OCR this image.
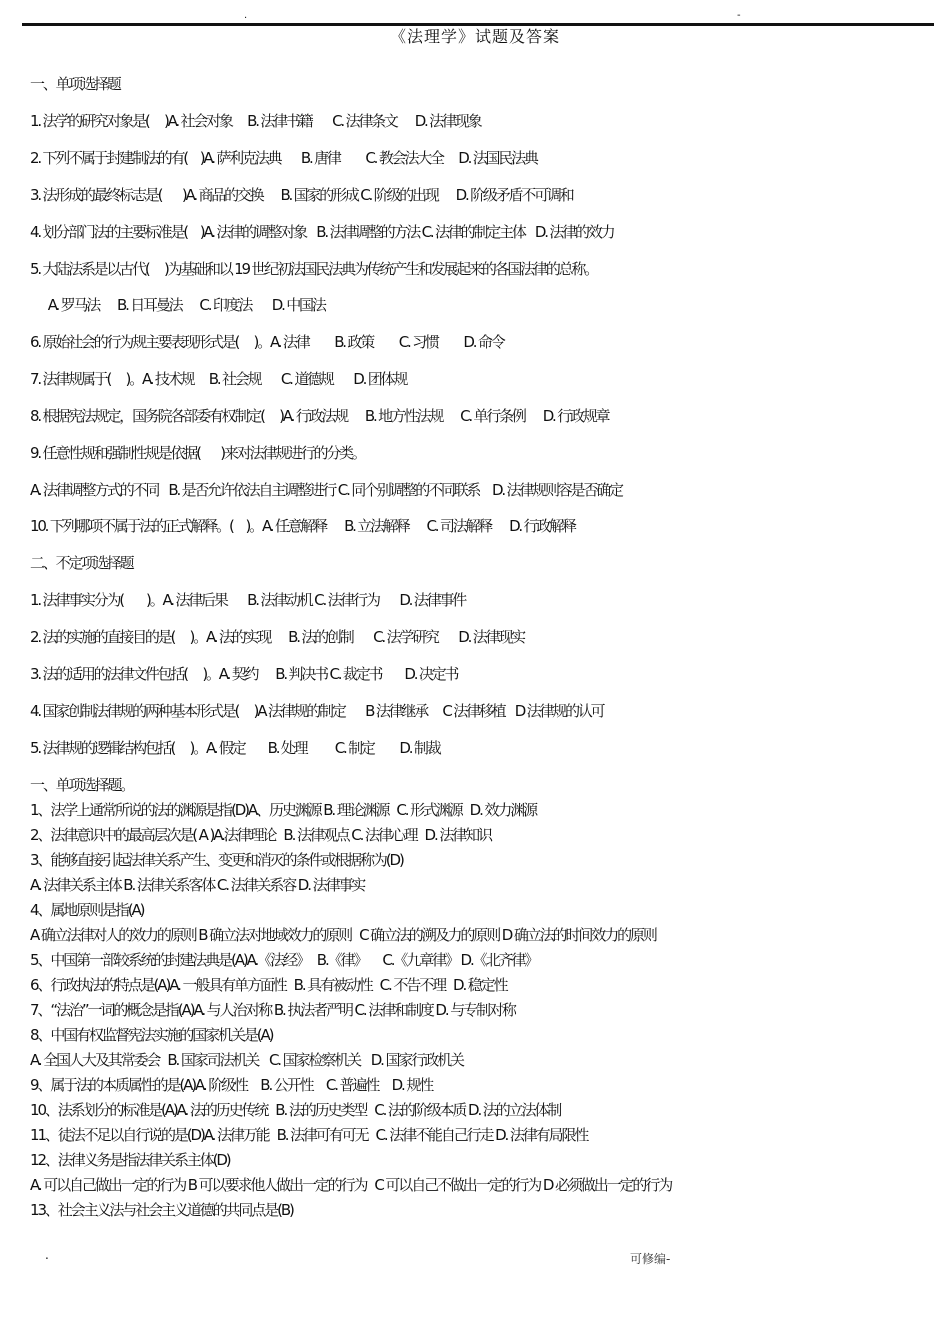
.	-
《法理学》试题及答案
一、单项选择题
1. 法学的研究对象是(      )A. 社会对象      B. 法律书籍        C. 法律条文       D. 法律现象
2. 下列不属于封建制法的有(     )A. 萨利克法典        B. 唐律          C. 教会法大全      D. 法国民法典
3. 法形成的最终标志是(        )A. 商品的交换       B. 国家的形成 C. 阶级的出现       D. 阶级矛盾不可调和
4. 划分部门法的主要标准是(     )A. 法律的调整对象    B. 法律调整的方法 C. 法律的制定主体    D. 法律的效力
5. 大陆法系是以古代(      )为基础和以 19 世纪初法国民法典为传统产生和发展起来的各国法律的总称。
A. 罗马法       B. 日耳曼法       C. 印度法        D. 中国法
6. 原始社会的行为规主要表现形式是(      )。A. 法律          B. 政策          C. 习惯          D. 命令
7. 法律规属于(      )。A. 技术规      B. 社会规        C. 道德规        D. 团体规
8. 根据宪法规定，国务院各部委有权制定(      )A. 行政法规       B. 地方性法规       C. 单行条例       D. 行政规章
9. 任意性规和强制性规是依据(        )来对法律规进行的分类。
A. 法律调整方式的不同    B. 是否允许依法自主调整进行 C. 同个别调整的不同联系     D. 法律规则容是否确定
10. 下列哪项不属于法的正式解释。(     )。A. 任意解释       B. 立法解释       C. 司法解释       D. 行政解释
二、不定项选择题
1. 法律事实分为(         )。A. 法律后果        B. 法律动机 C. 法律行为        D. 法律事件
2. 法的实施的直接目的是(      )。A. 法的实现       B. 法的创制        C. 法学研究        D. 法律现实
3. 法的适用的法律文件包括(      )。A. 契约       B. 判决书 C. 裁定书         D. 决定书
4. 国家创制法律规的两种基本形式是(      )A 法律规的制定        B 法律继承      C 法律移植    D 法律规的认可
5. 法律规的逻辑结构包括(      )。A. 假定         B. 处理           C. 制定          D. 制裁
一、单项选择题。
1、法学上通常所说的法的渊源是指(D)A、历史渊源 B. 理论渊源   C. 形式渊源   D. 效力渊源
2、法律意识中的最高层次是( A )A.法律理论   B. 法律观点 C. 法律心理   D. 法律知识
3、能够直接引起法律关系产生、变更和消灭的条件或根据称为(D)
A. 法律关系主体 B. 法律关系客体 C. 法律关系容 D. 法律事实
4、属地原则是指(A)
A 确立法律对人的效力的原则 B 确立法对地域效力的原则   C 确立法的溯及力的原则 D 确立法的时间效力的原则
5、中国第一部较系统的封建法典是(A)A.《法经》   B.《律》      C.《九章律》 D.《北齐律》
6、行政执法的特点是(A)A. 一般具有单方面性   B. 具有被动性   C. 不告不理   D. 稳定性
7、“法治”一词的概念是指(A)A. 与人治对称 B. 执法者严明 C. 法律和制度 D. 与专制对称
8、中国有权监督宪法实施的国家机关是(A)
A. 全国人大及其常委会   B. 国家司法机关    C. 国家检察机关    D. 国家行政机关
9、属于法的本质属性的是(A)A. 阶级性     B. 公开性     C. 普遍性     D. 规性
10、法系划分的标准是(A)A. 法的历史传统   B. 法的历史类型   C. 法的阶级本质 D. 法的立法体制
11、徒法不足以自行说的是(D)A. 法律万能   B. 法律可有可无   C. 法律不能自己行走 D. 法律有局限性
12、法律义务是指法律关系主体(D)
A. 可以自己做出一定的行为 B 可以要求他人做出一定的行为   C 可以自己不做出一定的行为 D 必须做出一定的行为
13、社会主义法与社会主义道德的共同点是(B)
.	可修编-
